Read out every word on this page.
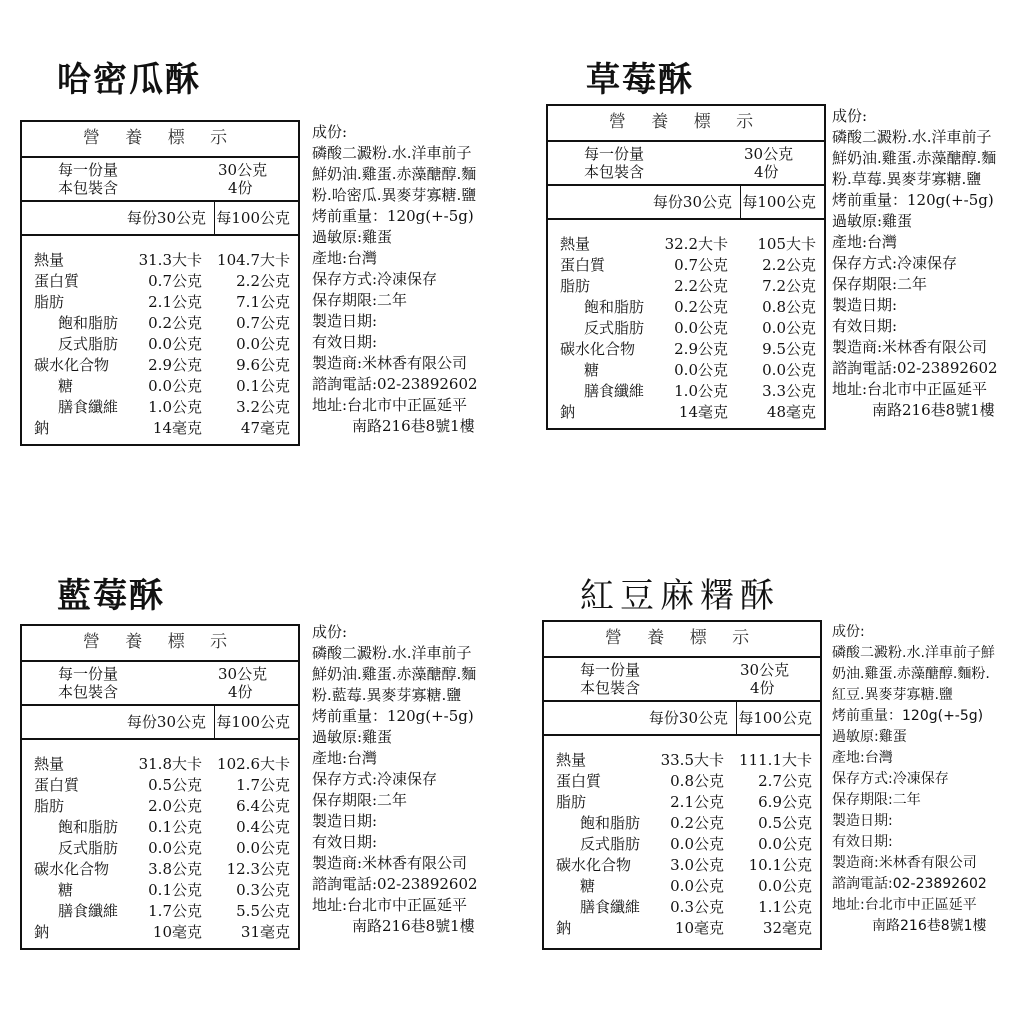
哈密瓜酥
營 養 標 示
每一份量	30公克
本包裝含	4份
每份30公克 每100公克
熱量	31.3大卡 104.7大卡
蛋白質	0.7公克 2.2公克
脂肪	2.1公克 7.1公克
飽和脂肪 0.2公克 0.7公克
反式脂肪 0.0公克 0.0公克
碳水化合物	2.9公克 9.6公克
糖	0.0公克 0.1公克
膳食纖維 1.0公克 3.2公克
鈉	14毫克	47毫克
成份:
磷酸二澱粉.水.洋車前子
鮮奶油.雞蛋.赤藻醣醇.麵
粉.哈密瓜.異麥芽寡糖.鹽
烤前重量：120g(+-5g)
過敏原:雞蛋
產地:台灣
保存方式:冷凍保存
保存期限:二年
製造日期:
有效日期:
製造商:米林香有限公司
諮詢電話:02-23892602
地址:台北市中正區延平
南路216巷8號1樓
草莓酥
營 養 標 示
每一份量	30公克
本包裝含	4份
每份30公克 每100公克
熱量	32.2大卡 105大卡
蛋白質	0.7公克 2.2公克
脂肪	2.2公克 7.2公克
飽和脂肪 0.2公克 0.8公克
反式脂肪 0.0公克 0.0公克
碳水化合物	2.9公克 9.5公克
糖	0.0公克 0.0公克
膳食纖維 1.0公克 3.3公克
鈉	14毫克	48毫克
成份:
磷酸二澱粉.水.洋車前子
鮮奶油.雞蛋.赤藻醣醇.麵
粉.草莓.異麥芽寡糖.鹽
烤前重量：120g(+-5g)
過敏原:雞蛋
產地:台灣
保存方式:冷凍保存
保存期限:二年
製造日期:
有效日期:
製造商:米林香有限公司
諮詢電話:02-23892602
地址:台北市中正區延平
南路216巷8號1樓
藍莓酥
營 養 標 示
每一份量	30公克
本包裝含	4份
每份30公克 每100公克
熱量	31.8大卡 102.6大卡
蛋白質	0.5公克 1.7公克
脂肪	2.0公克 6.4公克
飽和脂肪 0.1公克 0.4公克
反式脂肪 0.0公克 0.0公克
碳水化合物	3.8公克 12.3公克
糖	0.1公克 0.3公克
膳食纖維 1.7公克 5.5公克
鈉	10毫克	31毫克
成份:
磷酸二澱粉.水.洋車前子
鮮奶油.雞蛋.赤藻醣醇.麵
粉.藍莓.異麥芽寡糖.鹽
烤前重量：120g(+-5g)
過敏原:雞蛋
產地:台灣
保存方式:冷凍保存
保存期限:二年
製造日期:
有效日期:
製造商:米林香有限公司
諮詢電話:02-23892602
地址:台北市中正區延平
南路216巷8號1樓
紅豆麻糬酥
營 養 標 示
每一份量	30公克
本包裝含	4份
每份30公克 每100公克
熱量	33.5大卡 111.1大卡
蛋白質	0.8公克 2.7公克
脂肪	2.1公克 6.9公克
飽和脂肪 0.2公克 0.5公克
反式脂肪 0.0公克 0.0公克
碳水化合物	3.0公克 10.1公克
糖	0.0公克 0.0公克
膳食纖維 0.3公克 1.1公克
鈉	10毫克	32毫克
成份:
磷酸二澱粉.水.洋車前子鮮
奶油.雞蛋.赤藻醣醇.麵粉.
紅豆.異麥芽寡糖.鹽
烤前重量：120g(+-5g)
過敏原:雞蛋
產地:台灣
保存方式:冷凍保存
保存期限:二年
製造日期:
有效日期:
製造商:米林香有限公司
諮詢電話:02-23892602
地址:台北市中正區延平
南路216巷8號1樓
